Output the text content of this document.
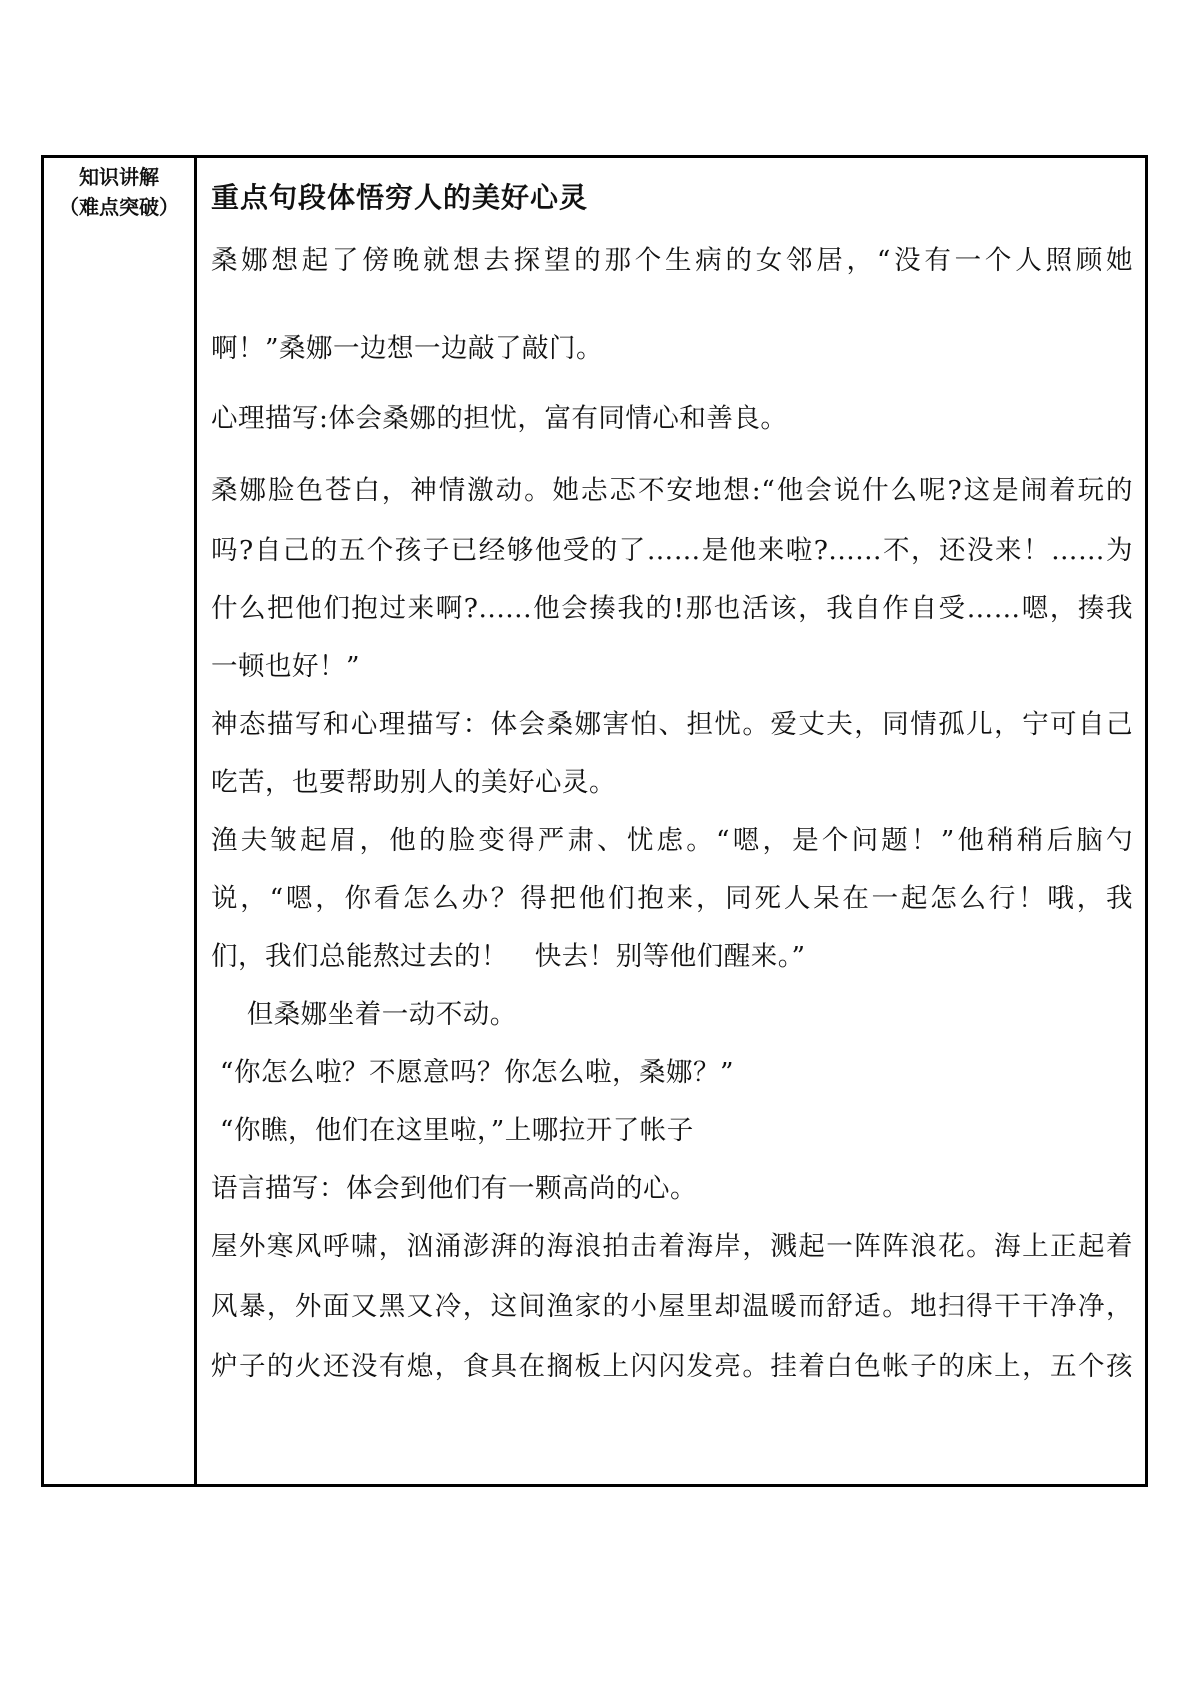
知识讲解
（难点突破）	重点句段体悟穷人的美好心灵
桑娜想起了傍晚就想去探望的那个生病的女邻居，“没有一个人照顾她
啊！”桑娜一边想一边敲了敲门。
心理描写:体会桑娜的担忧，富有同情心和善良。
桑娜脸色苍白，神情激动。她忐忑不安地想:“他会说什么呢?这是闹着玩的
吗?自己的五个孩子已经够他受的了……是他来啦?......不，还没来！……为
什么把他们抱过来啊?......他会揍我的!那也活该，我自作自受……嗯，揍我
一顿也好！”
神态描写和心理描写：体会桑娜害怕、担忧。爱丈夫，同情孤儿，宁可自己
吃苦，也要帮助别人的美好心灵。
渔夫皱起眉，他的脸变得严肃、忧虑。“嗯，是个问题！”他稍稍后脑勺
说，“嗯，你看怎么办？得把他们抱来，同死人呆在一起怎么行！哦，我
们，我们总能熬过去的！   快去！别等他们醒来。”
但桑娜坐着一动不动。
“你怎么啦？不愿意吗？你怎么啦，桑娜？”
“你瞧，他们在这里啦，”上哪拉开了帐子
语言描写：体会到他们有一颗高尚的心。
屋外寒风呼啸，汹涌澎湃的海浪拍击着海岸，溅起一阵阵浪花。海上正起着
风暴，外面又黑又冷，这间渔家的小屋里却温暖而舒适。地扫得干干净净，
炉子的火还没有熄，食具在搁板上闪闪发亮。挂着白色帐子的床上，五个孩
